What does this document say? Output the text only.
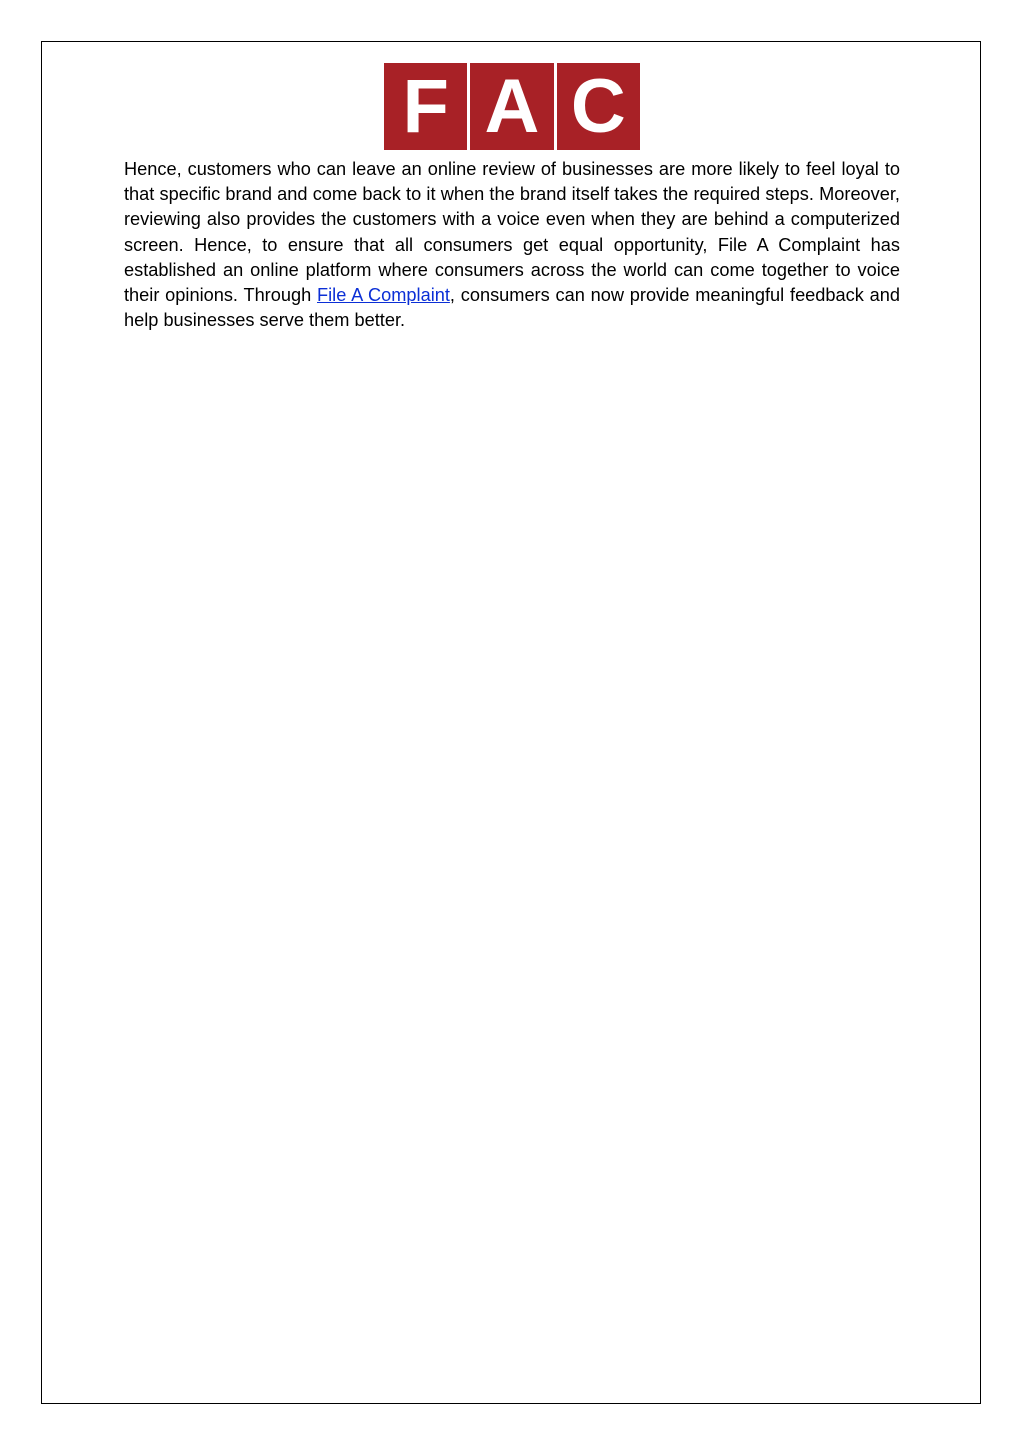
F A C

Hence, customers who can leave an online review of businesses are more likely to feel loyal to that specific brand and come back to it when the brand itself takes the required steps. Moreover, reviewing also provides the customers with a voice even when they are behind a computerized screen. Hence, to ensure that all consumers get equal opportunity, File A Complaint has established an online platform where consumers across the world can come together to voice their opinions. Through File A Complaint, consumers can now provide meaningful feedback and help businesses serve them better.
